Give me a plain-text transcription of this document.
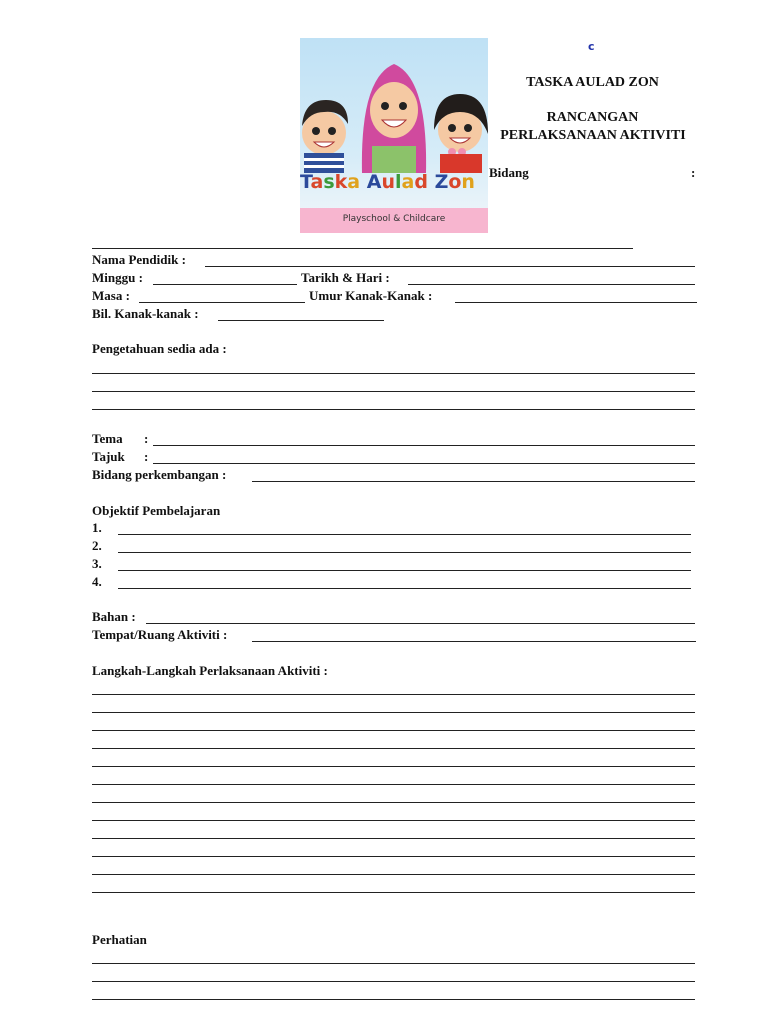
c
Taska Aulad Zon
Playschool & Childcare
TASKA AULAD ZON
RANCANGAN
PERLAKSANAAN AKTIVITI
Bidang	:
Nama Pendidik :
Minggu :	Tarikh & Hari :
Masa :	Umur Kanak-Kanak :
Bil. Kanak-kanak :
Pengetahuan sedia ada :
Tema :
Tajuk :
Bidang perkembangan :
Objektif Pembelajaran
1.
2.
3.
4.
Bahan :
Tempat/Ruang Aktiviti :
Langkah-Langkah Perlaksanaan Aktiviti :
Perhatian
